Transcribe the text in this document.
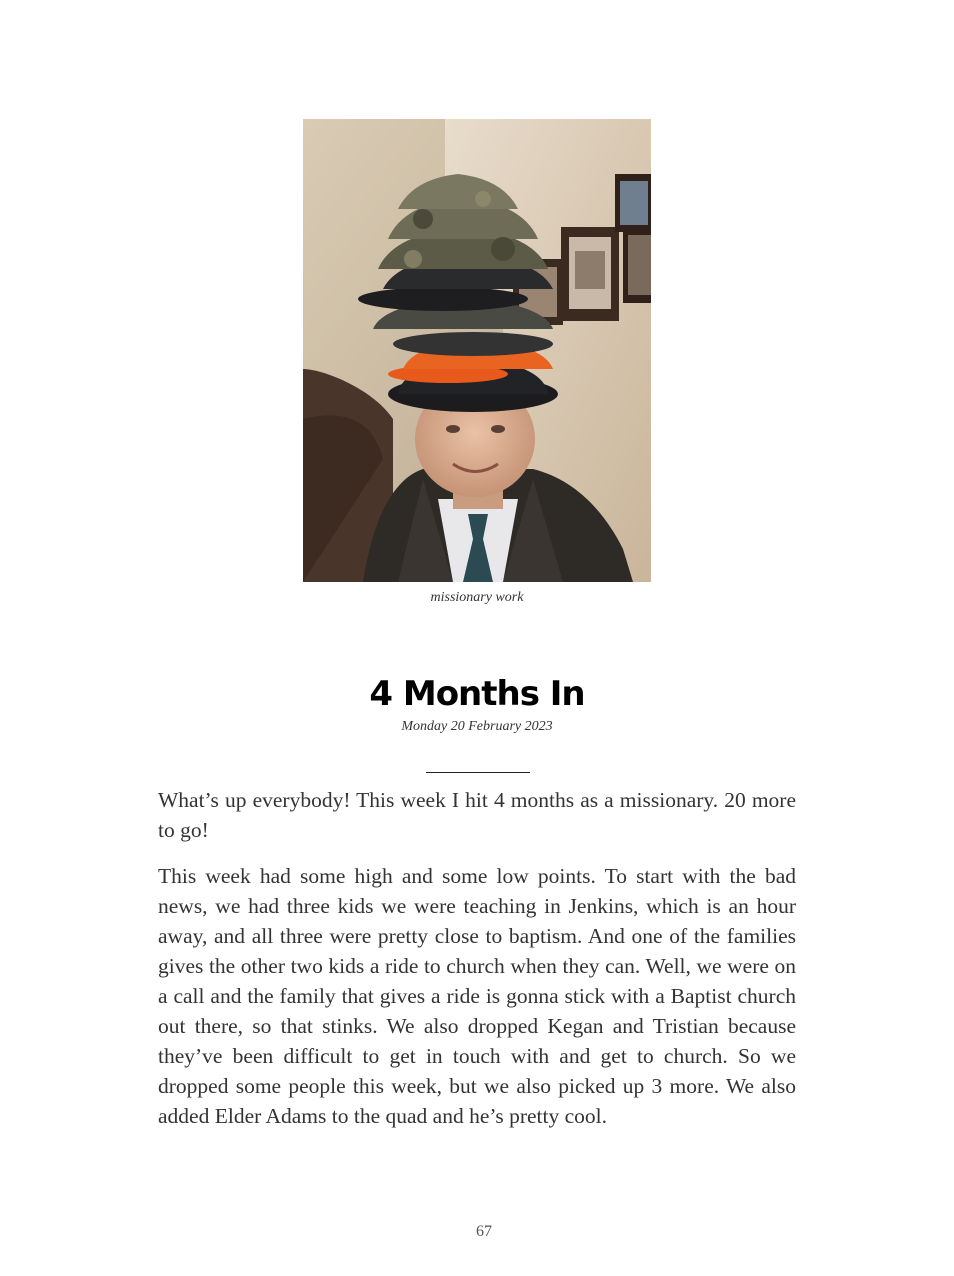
missionary work
4 Months In
Monday 20 February 2023

What’s up everybody! This week I hit 4 months as a missionary. 20 more to go!

This week had some high and some low points. To start with the bad news, we had three kids we were teaching in Jenkins, which is an hour away, and all three were pretty close to baptism. And one of the families gives the other two kids a ride to church when they can. Well, we were on a call and the family that gives a ride is gonna stick with a Baptist church out there, so that stinks. We also dropped Kegan and Tristian because they’ve been difficult to get in touch with and get to church. So we dropped some people this week, but we also picked up 3 more. We also added Elder Adams to the quad and he’s pretty cool.

67
